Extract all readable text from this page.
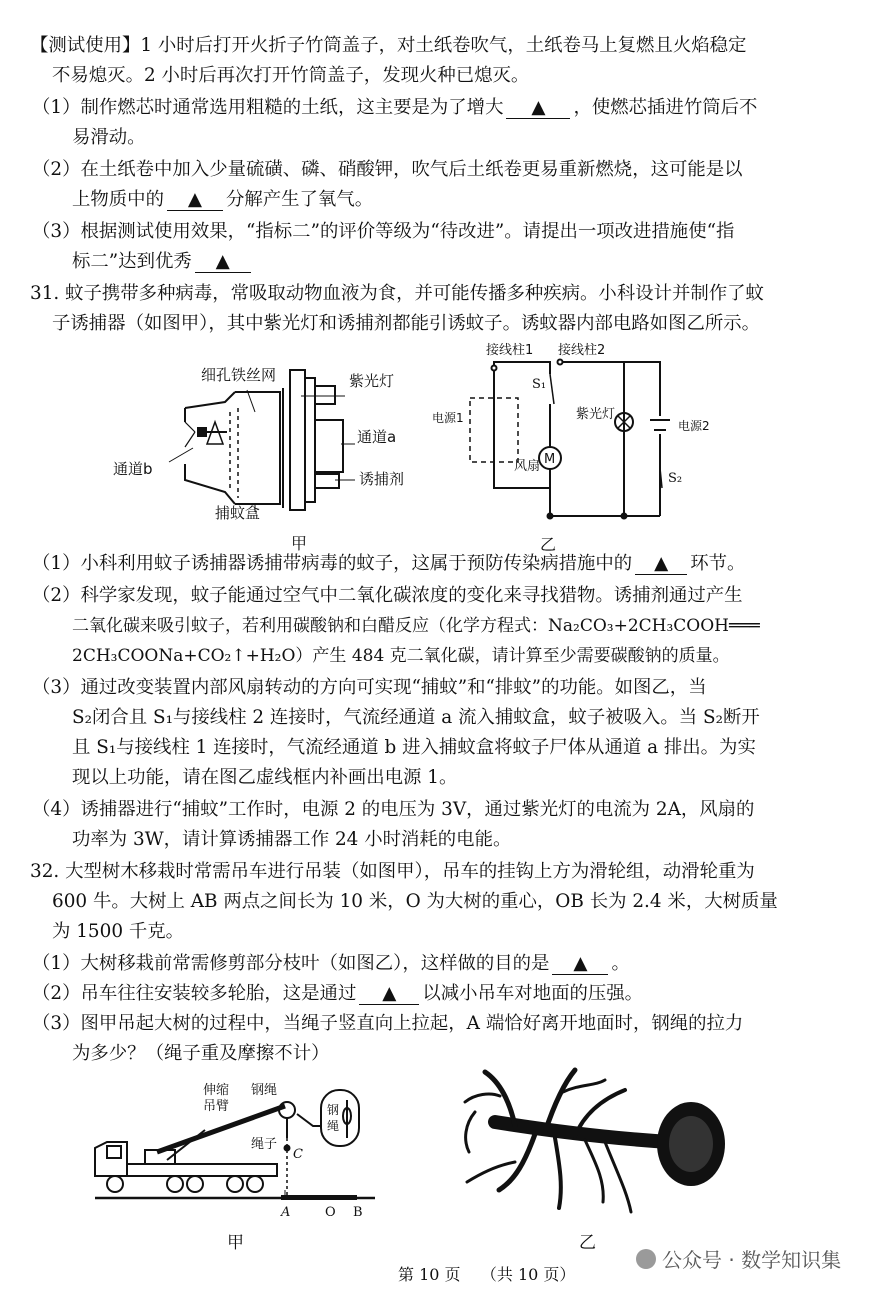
【测试使用】1 小时后打开火折子竹筒盖子，对土纸卷吹气，土纸卷马上复燃且火焰稳定
不易熄灭。2 小时后再次打开竹筒盖子，发现火种已熄灭。
（1）制作燃芯时通常选用粗糙的土纸，这主要是为了增大 ▲ ，使燃芯插进竹筒后不
易滑动。
（2）在土纸卷中加入少量硫磺、磷、硝酸钾，吹气后土纸卷更易重新燃烧，这可能是以
上物质中的 ▲ 分解产生了氧气。
（3）根据测试使用效果，“指标二”的评价等级为“待改进”。请提出一项改进措施使“指
标二”达到优秀 ▲
31. 蚊子携带多种病毒，常吸取动物血液为食，并可能传播多种疾病。小科设计并制作了蚊
子诱捕器（如图甲），其中紫光灯和诱捕剂都能引诱蚊子。诱蚊器内部电路如图乙所示。
细孔铁丝网	紫光灯
通道a
通道b
诱捕剂
捕蚊盒
甲
接线柱1 接线柱2
S₁
电源1
M
风扇
紫光灯
电源2
S₂
乙
（1）小科利用蚊子诱捕器诱捕带病毒的蚊子，这属于预防传染病措施中的 ▲ 环节。
（2）科学家发现，蚊子能通过空气中二氧化碳浓度的变化来寻找猎物。诱捕剂通过产生
二氧化碳来吸引蚊子，若利用碳酸钠和白醋反应（化学方程式：Na₂CO₃+2CH₃COOH═══
2CH₃COONa+CO₂↑+H₂O）产生 484 克二氧化碳，请计算至少需要碳酸钠的质量。
（3）通过改变装置内部风扇转动的方向可实现“捕蚊”和“排蚊”的功能。如图乙，当
S₂闭合且 S₁与接线柱 2 连接时，气流经通道 a 流入捕蚊盒，蚊子被吸入。当 S₂断开
且 S₁与接线柱 1 连接时，气流经通道 b 进入捕蚊盒将蚊子尸体从通道 a 排出。为实
现以上功能，请在图乙虚线框内补画出电源 1。
（4）诱捕器进行“捕蚊”工作时，电源 2 的电压为 3V，通过紫光灯的电流为 2A，风扇的
功率为 3W，请计算诱捕器工作 24 小时消耗的电能。
32. 大型树木移栽时常需吊车进行吊装（如图甲），吊车的挂钩上方为滑轮组，动滑轮重为
600 牛。大树上 AB 两点之间长为 10 米，O 为大树的重心，OB 长为 2.4 米，大树质量
为 1500 千克。
（1）大树移栽前常需修剪部分枝叶（如图乙），这样做的目的是 ▲ 。
（2）吊车往往安装较多轮胎，这是通过 ▲ 以减小吊车对地面的压强。
（3）图甲吊起大树的过程中，当绳子竖直向上拉起，A 端恰好离开地面时，钢绳的拉力
为多少？（绳子重及摩擦不计）
伸缩
吊臂
钢绳
钢
绳
绳子
C
A	O B
甲	乙
第 10 页 （共 10 页）
公众号 · 数学知识集
